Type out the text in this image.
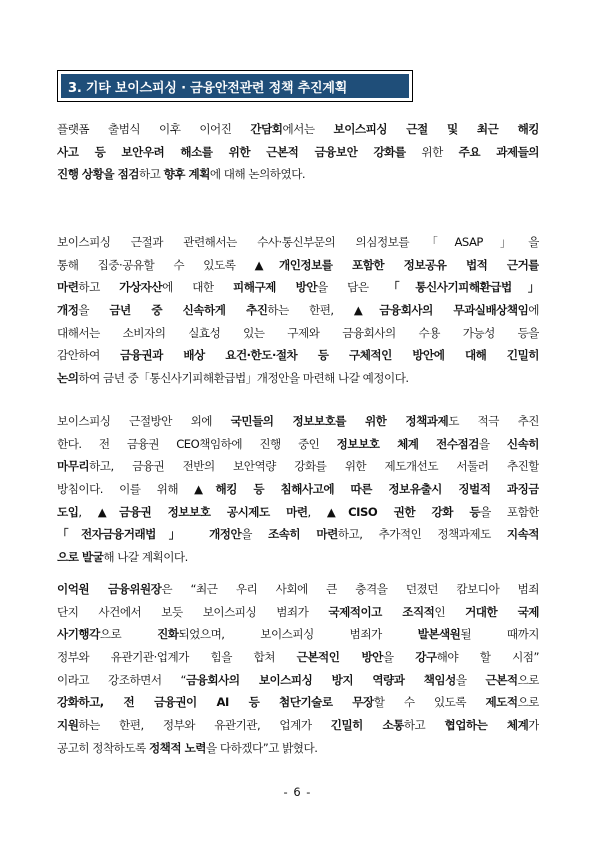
3. 기타 보이스피싱 · 금융안전관련 정책 추진계획
플랫폼 출범식 이후 이어진 간담회에서는 보이스피싱 근절 및 최근 해킹
사고 등 보안우려 해소를 위한 근본적 금융보안 강화를 위한 주요 과제들의
진행 상황을 점검하고 향후 계획에 대해 논의하였다.
보이스피싱 근절과 관련해서는 수사·통신부문의 의심정보를「ASAP」을
통해 집중·공유할 수 있도록 ▲개인정보를 포함한 정보공유 법적 근거를
마련하고 가상자산에 대한 피해구제 방안을 담은 「통신사기피해환급법」
개정을 금년 중 신속하게 추진하는 한편, ▲금융회사의 무과실배상책임에
대해서는 소비자의 실효성 있는 구제와 금융회사의 수용 가능성 등을
감안하여 금융권과 배상 요건·한도·절차 등 구체적인 방안에 대해 긴밀히
논의하여 금년 중「통신사기피해환급법」개정안을 마련해 나갈 예정이다.
보이스피싱 근절방안 외에 국민들의 정보보호를 위한 정책과제도 적극 추진
한다. 전 금융권 CEO책임하에 진행 중인 정보보호 체계 전수점검을 신속히
마무리하고, 금융권 전반의 보안역량 강화를 위한 제도개선도 서둘러 추진할
방침이다. 이를 위해 ▲해킹 등 침해사고에 따른 정보유출시 징벌적 과징금
도입, ▲금융권 정보보호 공시제도 마련, ▲CISO 권한 강화 등을 포함한
「전자금융거래법」 개정안을 조속히 마련하고, 추가적인 정책과제도 지속적
으로 발굴해 나갈 계획이다.
이억원 금융위원장은 “최근 우리 사회에 큰 충격을 던졌던 캄보디아 범죄
단지 사건에서 보듯 보이스피싱 범죄가 국제적이고 조직적인 거대한 국제
사기행각으로 진화되었으며, 보이스피싱 범죄가 발본색원될 때까지
정부와 유관기관·업계가 힘을 합쳐 근본적인 방안을 강구해야 할 시점”
이라고 강조하면서 “금융회사의 보이스피싱 방지 역량과 책임성을 근본적으로
강화하고, 전 금융권이 AI 등 첨단기술로 무장할 수 있도록 제도적으로
지원하는 한편, 정부와 유관기관, 업계가 긴밀히 소통하고 협업하는 체계가
공고히 정착하도록 정책적 노력을 다하겠다”고 밝혔다.
- 6 -
